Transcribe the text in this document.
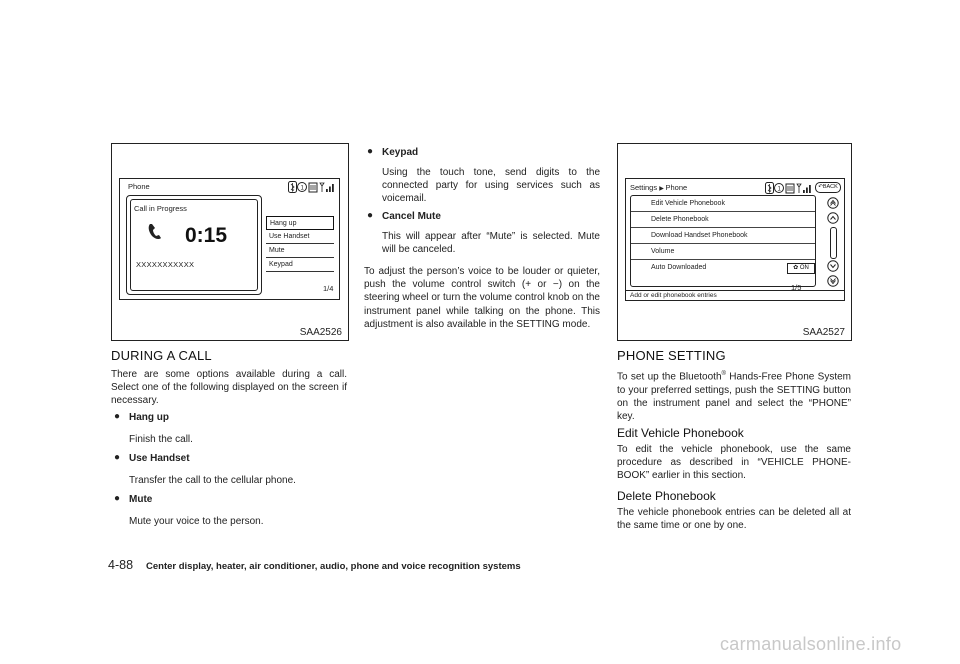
Phone	1
Call in Progress
0:15
XXXXXXXXXXX
Hang up
Use Handset
Mute
Keypad
1/4
SAA2526
Settings ▶ Phone	1	↶BACK
Edit Vehicle Phonebook
Delete Phonebook
Download Handset Phonebook
Volume
Auto Downloaded	✿ ON
1/5
Add or edit phonebook entries
SAA2527
DURING A CALL
There are some options available during a call. Select one of the following displayed on the screen if necessary.
● Hang up
Finish the call.
● Use Handset
Transfer the call to the cellular phone.
● Mute
Mute your voice to the person.
● Keypad
Using the touch tone, send digits to the connected party for using services such as voicemail.
● Cancel Mute
This will appear after “Mute” is selected. Mute will be canceled.
To adjust the person’s voice to be louder or quieter, push the volume control switch (+ or −) on the steering wheel or turn the volume control knob on the instrument panel while talking on the phone. This adjustment is also available in the SETTING mode.
PHONE SETTING
To set up the Bluetooth® Hands-Free Phone System to your preferred settings, push the SETTING button on the instrument panel and select the “PHONE” key.
Edit Vehicle Phonebook
To edit the vehicle phonebook, use the same procedure as described in “VEHICLE PHONE-BOOK” earlier in this section.
Delete Phonebook
The vehicle phonebook entries can be deleted all at the same time or one by one.
4-88 Center display, heater, air conditioner, audio, phone and voice recognition systems
carmanualsonline.info
